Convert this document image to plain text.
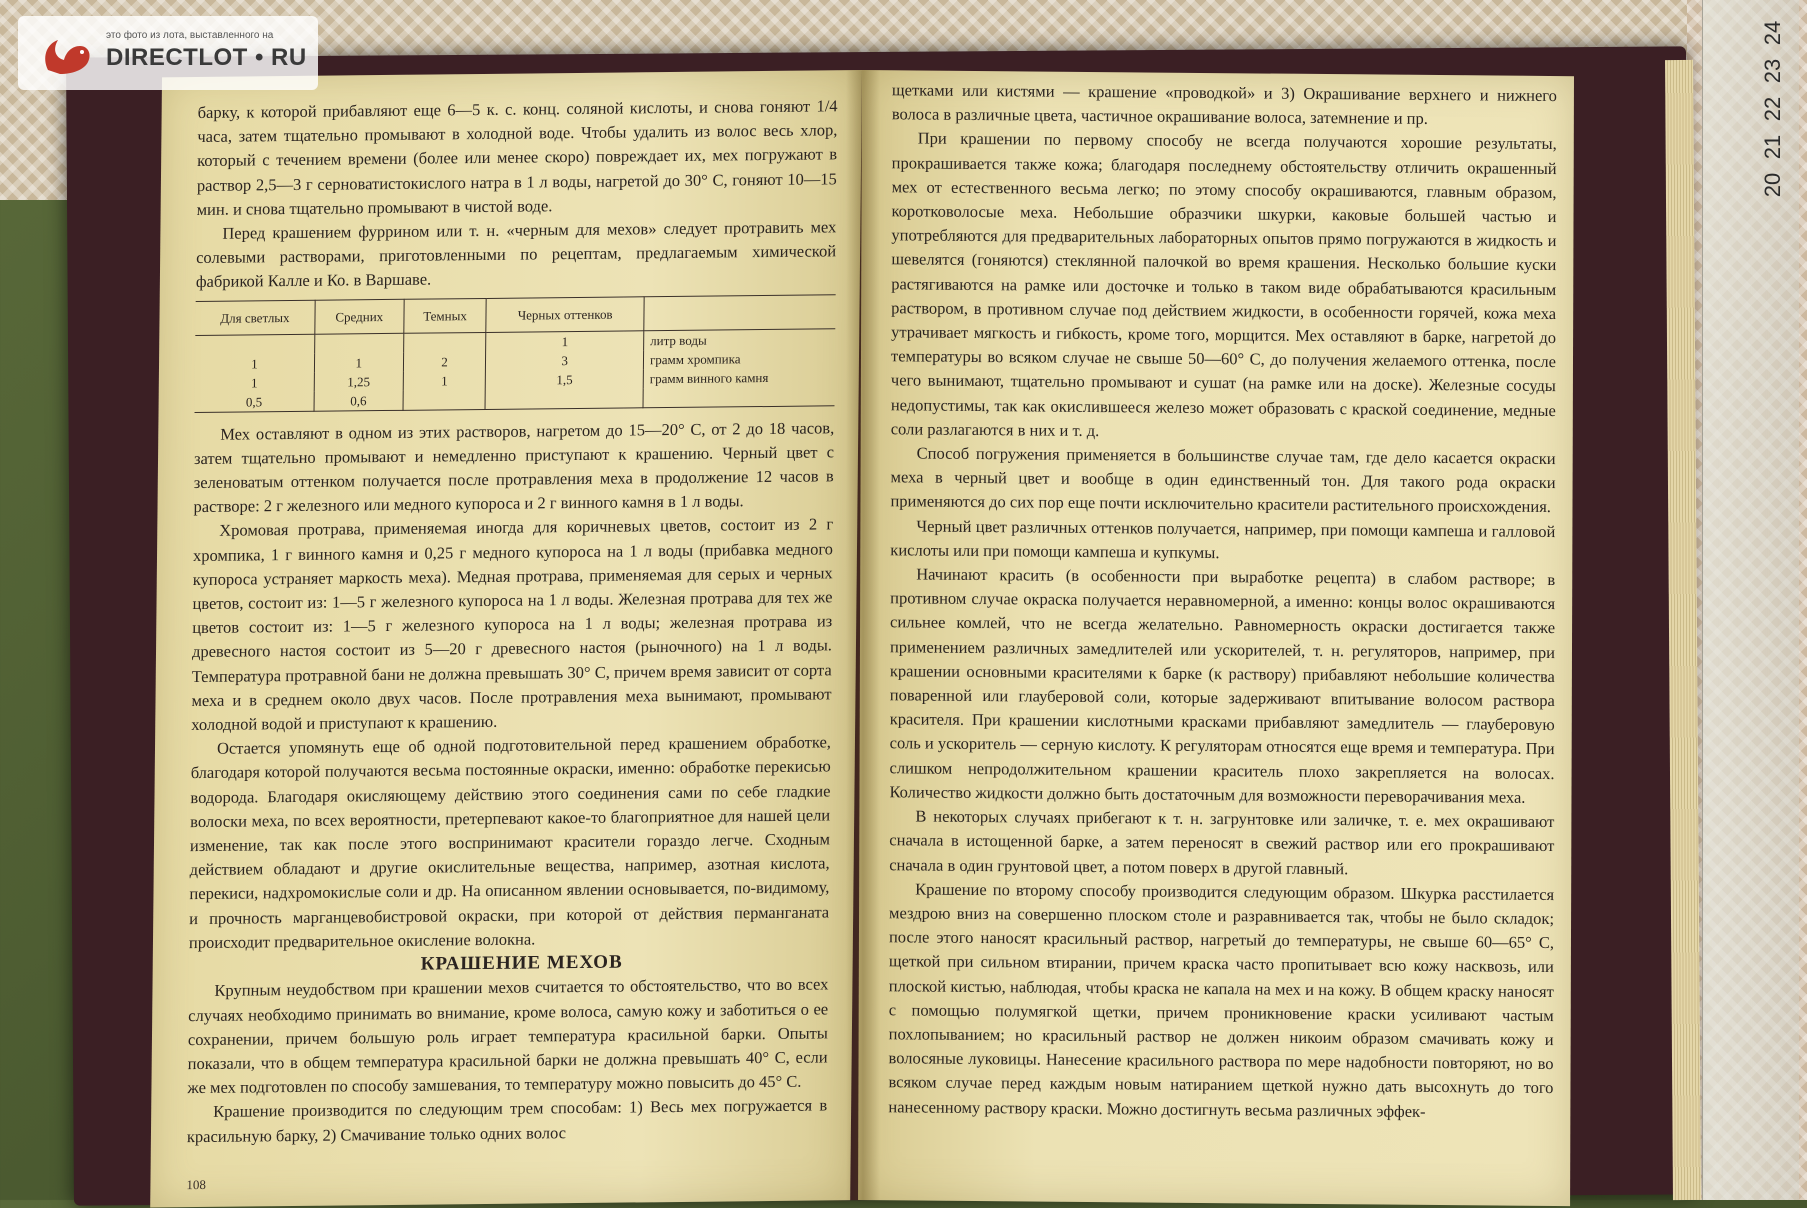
барку, к которой прибавляют еще 6—5 к. с. конц. соляной кислоты, и снова гоняют 1/4 часа, затем тщательно промывают в холодной воде. Чтобы удалить из волос весь хлор, который с течением времени (более или менее скоро) повреждает их, мех погружают в раствор 2,5—3 г серноватистокислого натра в 1 л воды, нагретой до 30° С, гоняют 10—15 мин. и снова тщательно промывают в чистой воде.

Перед крашением фуррином или т. н. «черным для мехов» следует протравить мех солевыми растворами, приготовленными по рецептам, предлагаемым химической фабрикой Калле и Ко. в Варшаве.

Для светлых	Средних	Темных	Черных оттенков	
			1	литр воды
1	1	2	3	грамм хромпика
1	1,25	1	1,5	грамм винного камня
0,5	0,6			

Мех оставляют в одном из этих растворов, нагретом до 15—20° С, от 2 до 18 часов, затем тщательно промывают и немедленно приступают к крашению. Черный цвет с зеленоватым оттенком получается после протравления меха в продолжение 12 часов в растворе: 2 г железного или медного купороса и 2 г винного камня в 1 л воды.

Хромовая протрава, применяемая иногда для коричневых цветов, состоит из 2 г хромпика, 1 г винного камня и 0,25 г медного купороса на 1 л воды (прибавка медного купороса устраняет маркость меха). Медная протрава, применяемая для серых и черных цветов, состоит из: 1—5 г железного купороса на 1 л воды. Железная протрава для тех же цветов состоит из: 1—5 г железного купороса на 1 л воды; железная протрава из древесного настоя состоит из 5—20 г древесного настоя (рыночного) на 1 л воды. Температура протравной бани не должна превышать 30° С, причем время зависит от сорта меха и в среднем около двух часов. После протравления меха вынимают, промывают холодной водой и приступают к крашению.

Остается упомянуть еще об одной подготовительной перед крашением обработке, благодаря которой получаются весьма постоянные окраски, именно: обработке перекисью водорода. Благодаря окисляющему действию этого соединения сами по себе гладкие волоски меха, по всех вероятности, претерпевают какое-то благоприятное для нашей цели изменение, так как после этого воспринимают красители гораздо легче. Сходным действием обладают и другие окислительные вещества, например, азотная кислота, перекиси, надхромокислые соли и др. На описанном явлении основывается, по-видимому, и прочность марганцевобистровой окраски, при которой от действия перманганата происходит предварительное окисление волокна.

КРАШЕНИЕ МЕХОВ

Крупным неудобством при крашении мехов считается то обстоятельство, что во всех случаях необходимо принимать во внимание, кроме волоса, самую кожу и заботиться о ее сохранении, причем большую роль играет температура красильной барки. Опыты показали, что в общем температура красильной барки не должна превышать 40° С, если же мех подготовлен по способу замшевания, то температуру можно повысить до 45° С.

Крашение производится по следующим трем способам: 1) Весь мех погружается в красильную барку, 2) Смачивание только одних волос

108

щетками или кистями — крашение «проводкой» и 3) Окрашивание верхнего и нижнего волоса в различные цвета, частичное окрашивание волоса, затемнение и пр.

При крашении по первому способу не всегда получаются хорошие результаты, прокрашивается также кожа; благодаря последнему обстоятельству отличить окрашенный мех от естественного весьма легко; по этому способу окрашиваются, главным образом, коротковолосые меха. Небольшие образчики шкурки, каковые большей частью и употребляются для предварительных лабораторных опытов прямо погружаются в жидкость и шевелятся (гоняются) стеклянной палочкой во время крашения. Несколько большие куски растягиваются на рамке или досточке и только в таком виде обрабатываются красильным раствором, в противном случае под действием жидкости, в особенности горячей, кожа меха утрачивает мягкость и гибкость, кроме того, морщится. Мех оставляют в барке, нагретой до температуры во всяком случае не свыше 50—60° С, до получения желаемого оттенка, после чего вынимают, тщательно промывают и сушат (на рамке или на доске). Железные сосуды недопустимы, так как окислившееся железо может образовать с краской соединение, медные соли разлагаются в них и т. д.

Способ погружения применяется в большинстве случае там, где дело касается окраски меха в черный цвет и вообще в один единственный тон. Для такого рода окраски применяются до сих пор еще почти исключительно красители растительного происхождения.

Черный цвет различных оттенков получается, например, при помощи кампеша и галловой кислоты или при помощи кампеша и купкумы.

Начинают красить (в особенности при выработке рецепта) в слабом растворе; в противном случае окраска получается неравномерной, а именно: концы волос окрашиваются сильнее комлей, что не всегда желательно. Равномерность окраски достигается также применением различных замедлителей или ускорителей, т. н. регуляторов, например, при крашении основными красителями к барке (к раствору) прибавляют небольшие количества поваренной или глауберовой соли, которые задерживают впитывание волосом раствора красителя. При крашении кислотными красками прибавляют замедлитель — глауберовую соль и ускоритель — серную кислоту. К регуляторам относятся еще время и температура. При слишком непродолжительном крашении краситель плохо закрепляется на волосах. Количество жидкости должно быть достаточным для возможности переворачивания меха.

В некоторых случаях прибегают к т. н. загрунтовке или заличке, т. е. мех окрашивают сначала в истощенной барке, а затем переносят в свежий раствор или его прокрашивают сначала в один грунтовой цвет, а потом поверх в другой главный.

Крашение по второму способу производится следующим образом. Шкурка расстилается мездрою вниз на совершенно плоском столе и разравнивается так, чтобы не было складок; после этого наносят красильный раствор, нагретый до температуры, не свыше 60—65° С, щеткой при сильном втирании, причем краска часто пропитывает всю кожу насквозь, или плоской кистью, наблюдая, чтобы краска не капала на мех и на кожу. В общем краску наносят с помощью полумягкой щетки, причем проникновение краски усиливают частым похлопыванием; но красильный раствор не должен никоим образом смачивать кожу и волосяные луковицы. Нанесение красильного раствора по мере надобности повторяют, но во всяком случае перед каждым новым натиранием щеткой нужно дать высохнуть до того нанесенному раствору краски. Можно достигнуть весьма различных эффек-

24
23
22
21
20
это фото из лота, выставленного на
DIRECTLOT • RU
